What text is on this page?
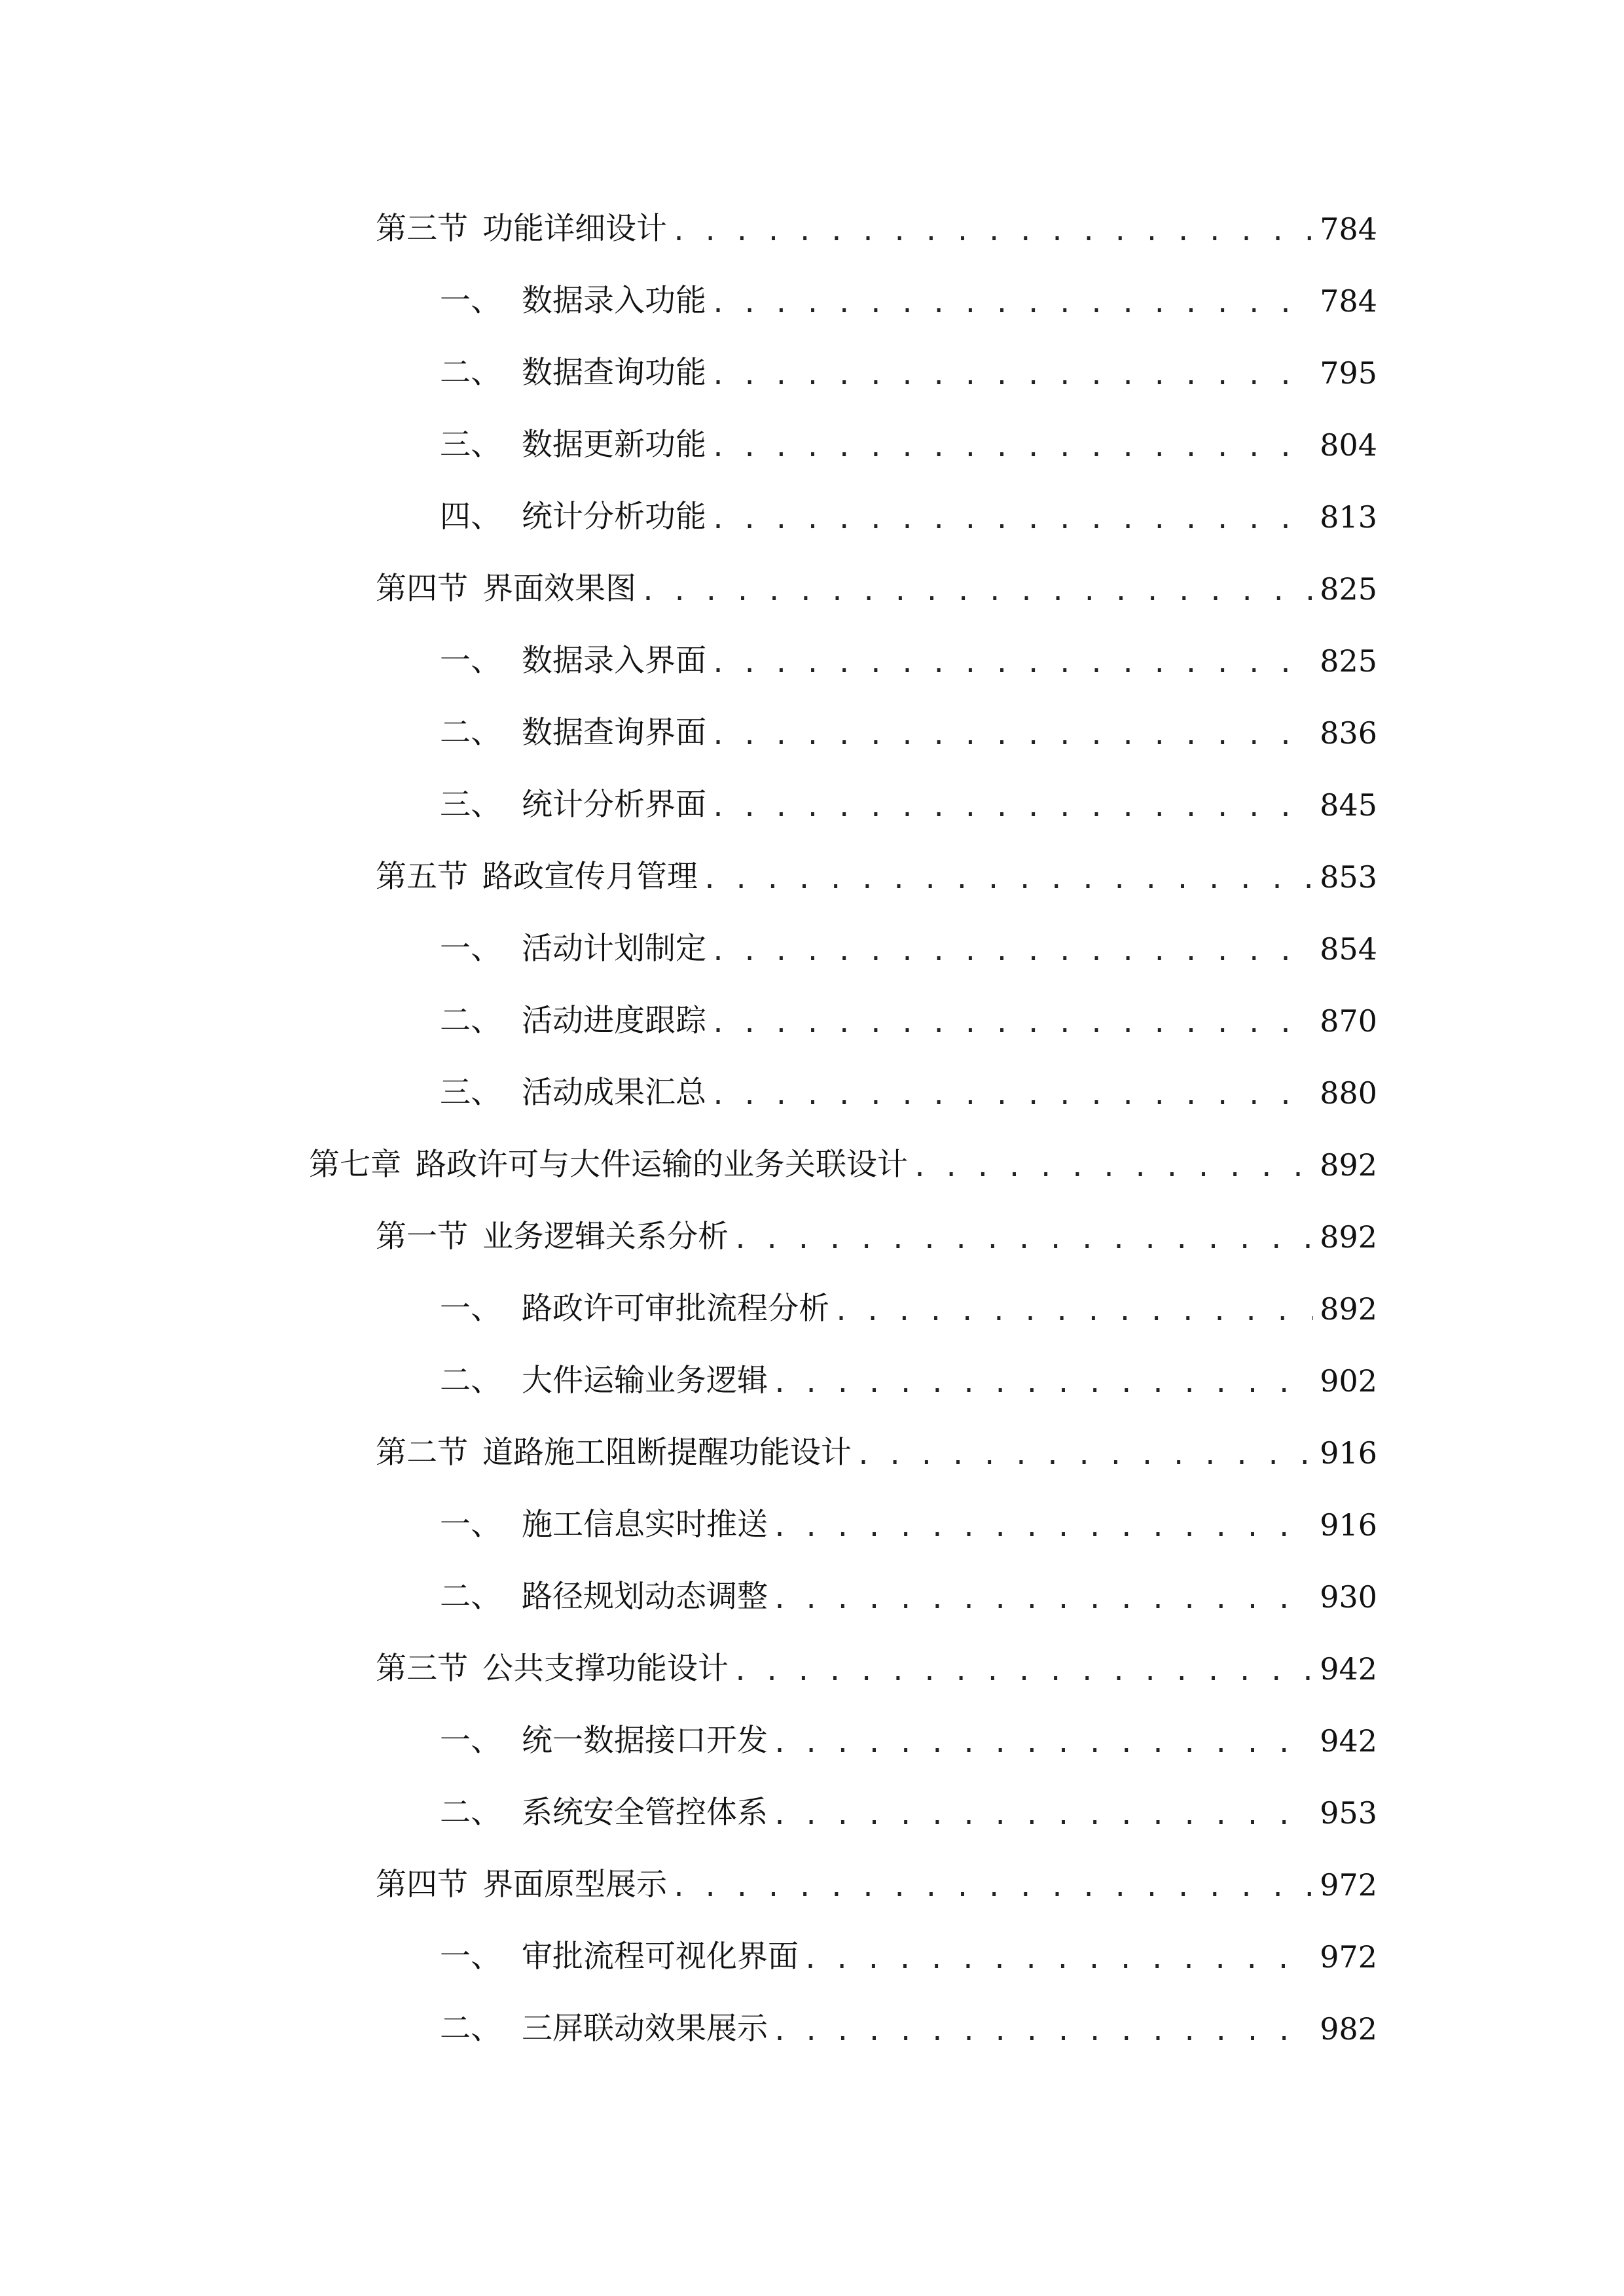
第三节 功能详细设计 . . .	784
一、 数据录入功能 . . .	784
二、 数据查询功能 . . .	795
三、 数据更新功能 . . .	804
四、 统计分析功能 . . .	813
第四节 界面效果图 . . .	825
一、 数据录入界面 . . .	825
二、 数据查询界面 . . .	836
三、 统计分析界面 . . .	845
第五节 路政宣传月管理 . . .	853
一、 活动计划制定 . . .	854
二、 活动进度跟踪 . . .	870
三、 活动成果汇总 . . .	880
第七章 路政许可与大件运输的业务关联设计 . . .	892
第一节 业务逻辑关系分析 . . .	892
一、 路政许可审批流程分析 . . .	892
二、 大件运输业务逻辑 . . .	902
第二节 道路施工阻断提醒功能设计 . . .	916
一、 施工信息实时推送 . . .	916
二、 路径规划动态调整 . . .	930
第三节 公共支撑功能设计 . . .	942
一、 统一数据接口开发 . . .	942
二、 系统安全管控体系 . . .	953
第四节 界面原型展示 . . .	972
一、 审批流程可视化界面 . . .	972
二、 三屏联动效果展示 . . .	982
